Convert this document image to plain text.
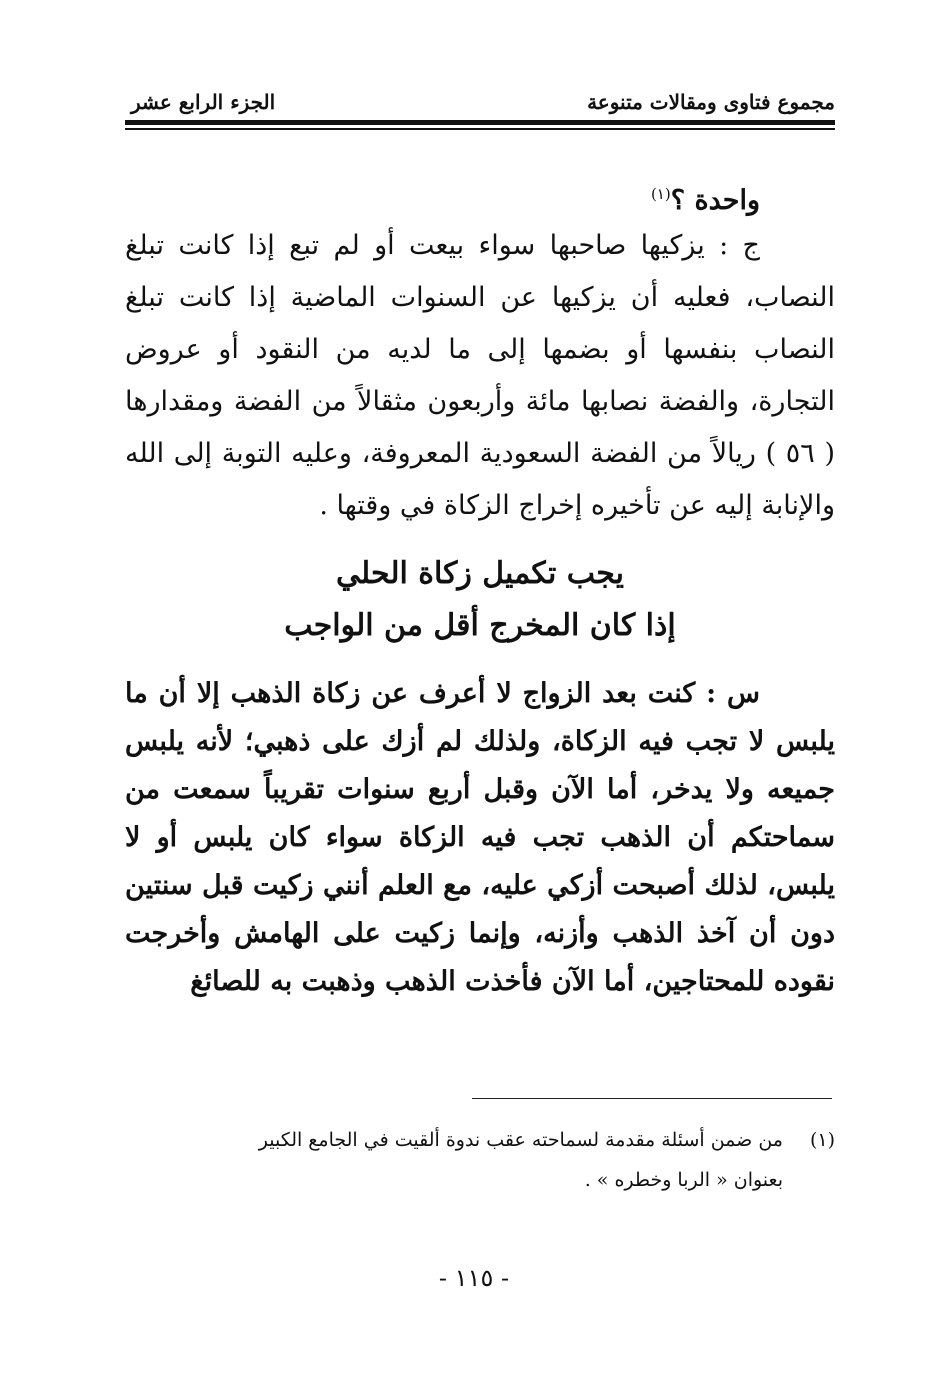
مجموع فتاوى ومقالات متنوعة
الجزء الرابع عشر
واحدة ؟$^{(١)}$

ج : يزكيها صاحبها سواء بيعت أو لم تبع إذا كانت تبلغ النصاب، فعليه أن يزكيها عن السنوات الماضية إذا كانت تبلغ النصاب بنفسها أو بضمها إلى ما لديه من النقود أو عروض التجارة، والفضة نصابها مائة وأربعون مثقالاً من الفضة ومقدارها ( ٥٦ ) ريالاً من الفضة السعودية المعروفة، وعليه التوبة إلى الله والإنابة إليه عن تأخيره إخراج الزكاة في وقتها .

يجب تكميل زكاة الحلي
إذا كان المخرج أقل من الواجب

س : كنت بعد الزواج لا أعرف عن زكاة الذهب إلا أن ما يلبس لا تجب فيه الزكاة، ولذلك لم أزك على ذهبي؛ لأنه يلبس جميعه ولا يدخر، أما الآن وقبل أربع سنوات تقريباً سمعت من سماحتكم أن الذهب تجب فيه الزكاة سواء كان يلبس أو لا يلبس، لذلك أصبحت أزكي عليه، مع العلم أنني زكيت قبل سنتين دون أن آخذ الذهب وأزنه، وإنما زكيت على الهامش وأخرجت نقوده للمحتاجين، أما الآن فأخذت الذهب وذهبت به للصائغ

(١)من ضمن أسئلة مقدمة لسماحته عقب ندوة ألقيت في الجامع الكبير
بعنوان « الربا وخطره » .
- ١١٥ -
